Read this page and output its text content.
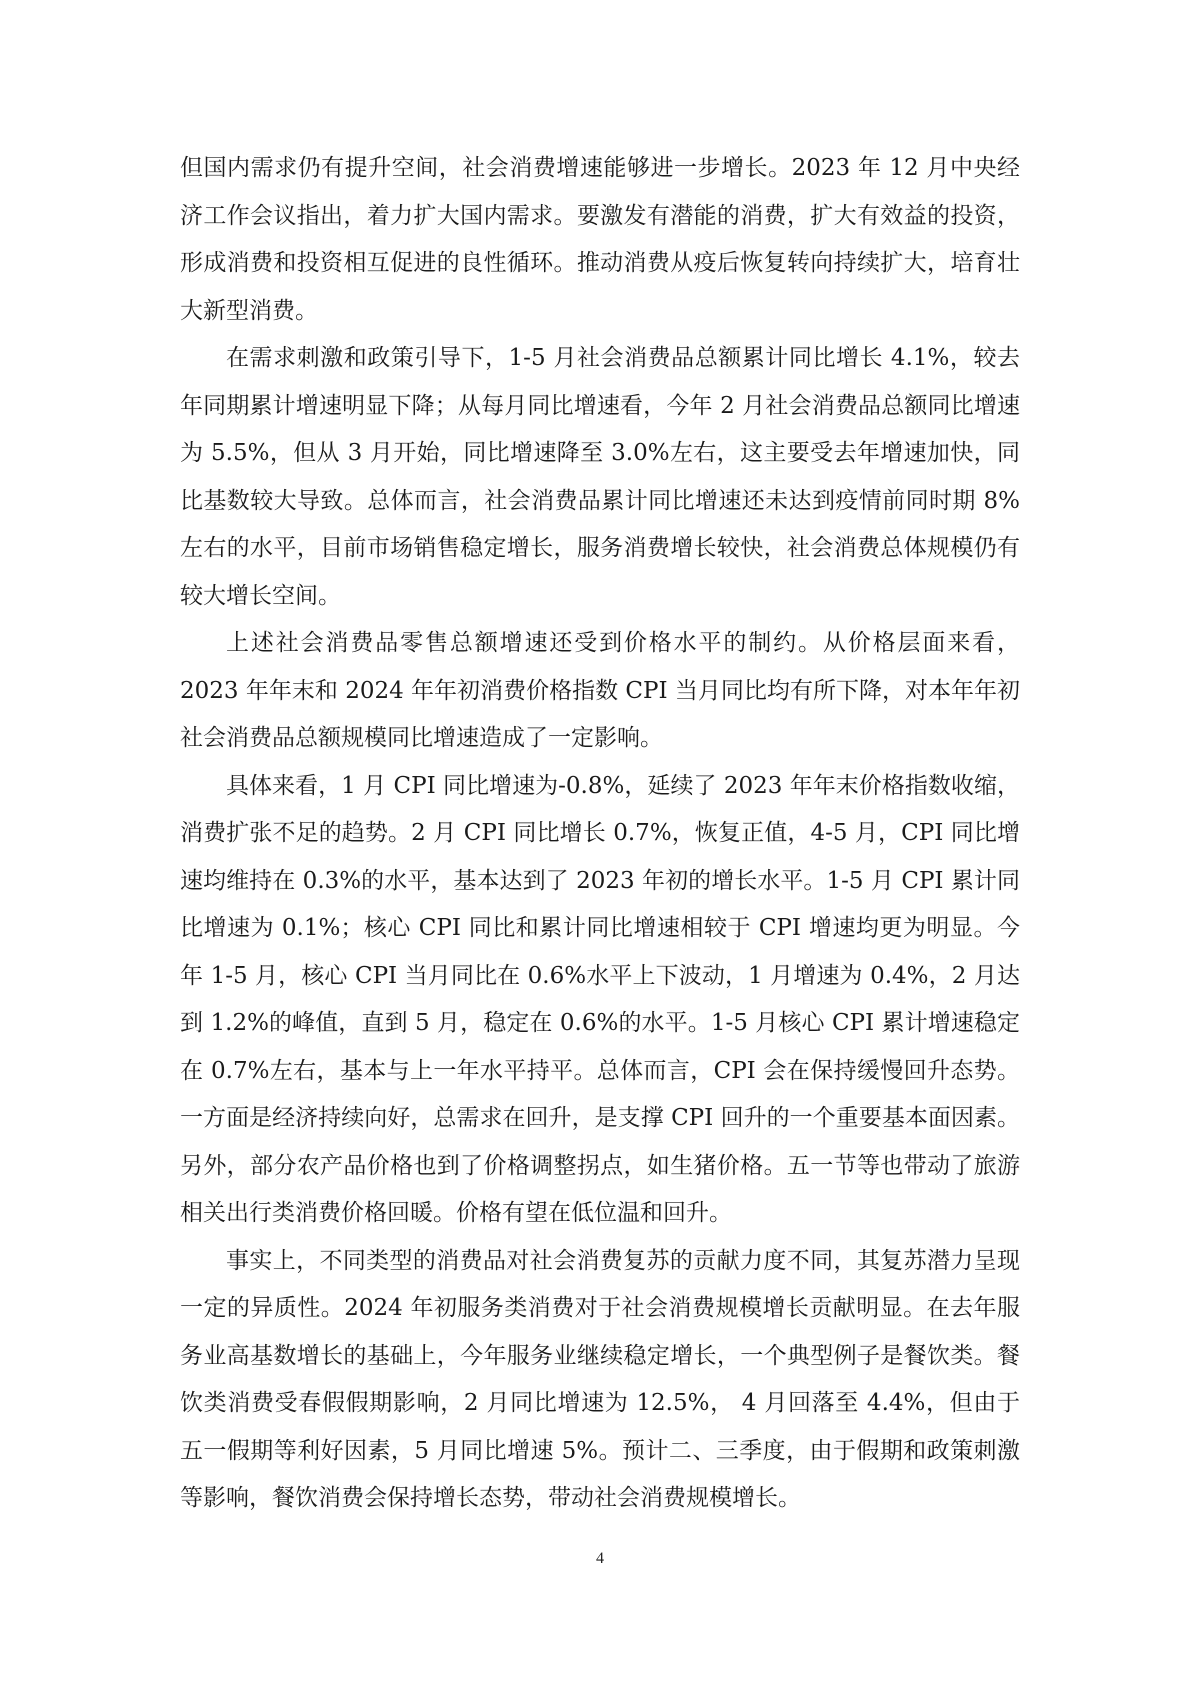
但国内需求仍有提升空间，社会消费增速能够进一步增长。2023 年 12 月中央经济工作会议指出，着力扩大国内需求。要激发有潜能的消费，扩大有效益的投资，形成消费和投资相互促进的良性循环。推动消费从疫后恢复转向持续扩大，培育壮大新型消费。

在需求刺激和政策引导下，1-5 月社会消费品总额累计同比增长 4.1%，较去年同期累计增速明显下降；从每月同比增速看，今年 2 月社会消费品总额同比增速为 5.5%，但从 3 月开始，同比增速降至 3.0%左右，这主要受去年增速加快，同比基数较大导致。总体而言，社会消费品累计同比增速还未达到疫情前同时期 8%左右的水平，目前市场销售稳定增长，服务消费增长较快，社会消费总体规模仍有较大增长空间。

上述社会消费品零售总额增速还受到价格水平的制约。从价格层面来看，2023 年年末和 2024 年年初消费价格指数 CPI 当月同比均有所下降，对本年年初社会消费品总额规模同比增速造成了一定影响。

具体来看，1 月 CPI 同比增速为-0.8%，延续了 2023 年年末价格指数收缩，消费扩张不足的趋势。2 月 CPI 同比增长 0.7%，恢复正值，4-5 月，CPI 同比增速均维持在 0.3%的水平，基本达到了 2023 年初的增长水平。1-5 月 CPI 累计同比增速为 0.1%；核心 CPI 同比和累计同比增速相较于 CPI 增速均更为明显。今年 1-5 月，核心 CPI 当月同比在 0.6%水平上下波动，1 月增速为 0.4%，2 月达到 1.2%的峰值，直到 5 月，稳定在 0.6%的水平。1-5 月核心 CPI 累计增速稳定在 0.7%左右，基本与上一年水平持平。总体而言，CPI 会在保持缓慢回升态势。一方面是经济持续向好，总需求在回升，是支撑 CPI 回升的一个重要基本面因素。另外，部分农产品价格也到了价格调整拐点，如生猪价格。五一节等也带动了旅游相关出行类消费价格回暖。价格有望在低位温和回升。

事实上，不同类型的消费品对社会消费复苏的贡献力度不同，其复苏潜力呈现一定的异质性。2024 年初服务类消费对于社会消费规模增长贡献明显。在去年服务业高基数增长的基础上，今年服务业继续稳定增长，一个典型例子是餐饮类。餐饮类消费受春假假期影响，2 月同比增速为 12.5%， 4 月回落至 4.4%，但由于五一假期等利好因素，5 月同比增速 5%。预计二、三季度，由于假期和政策刺激等影响，餐饮消费会保持增长态势，带动社会消费规模增长。

4
